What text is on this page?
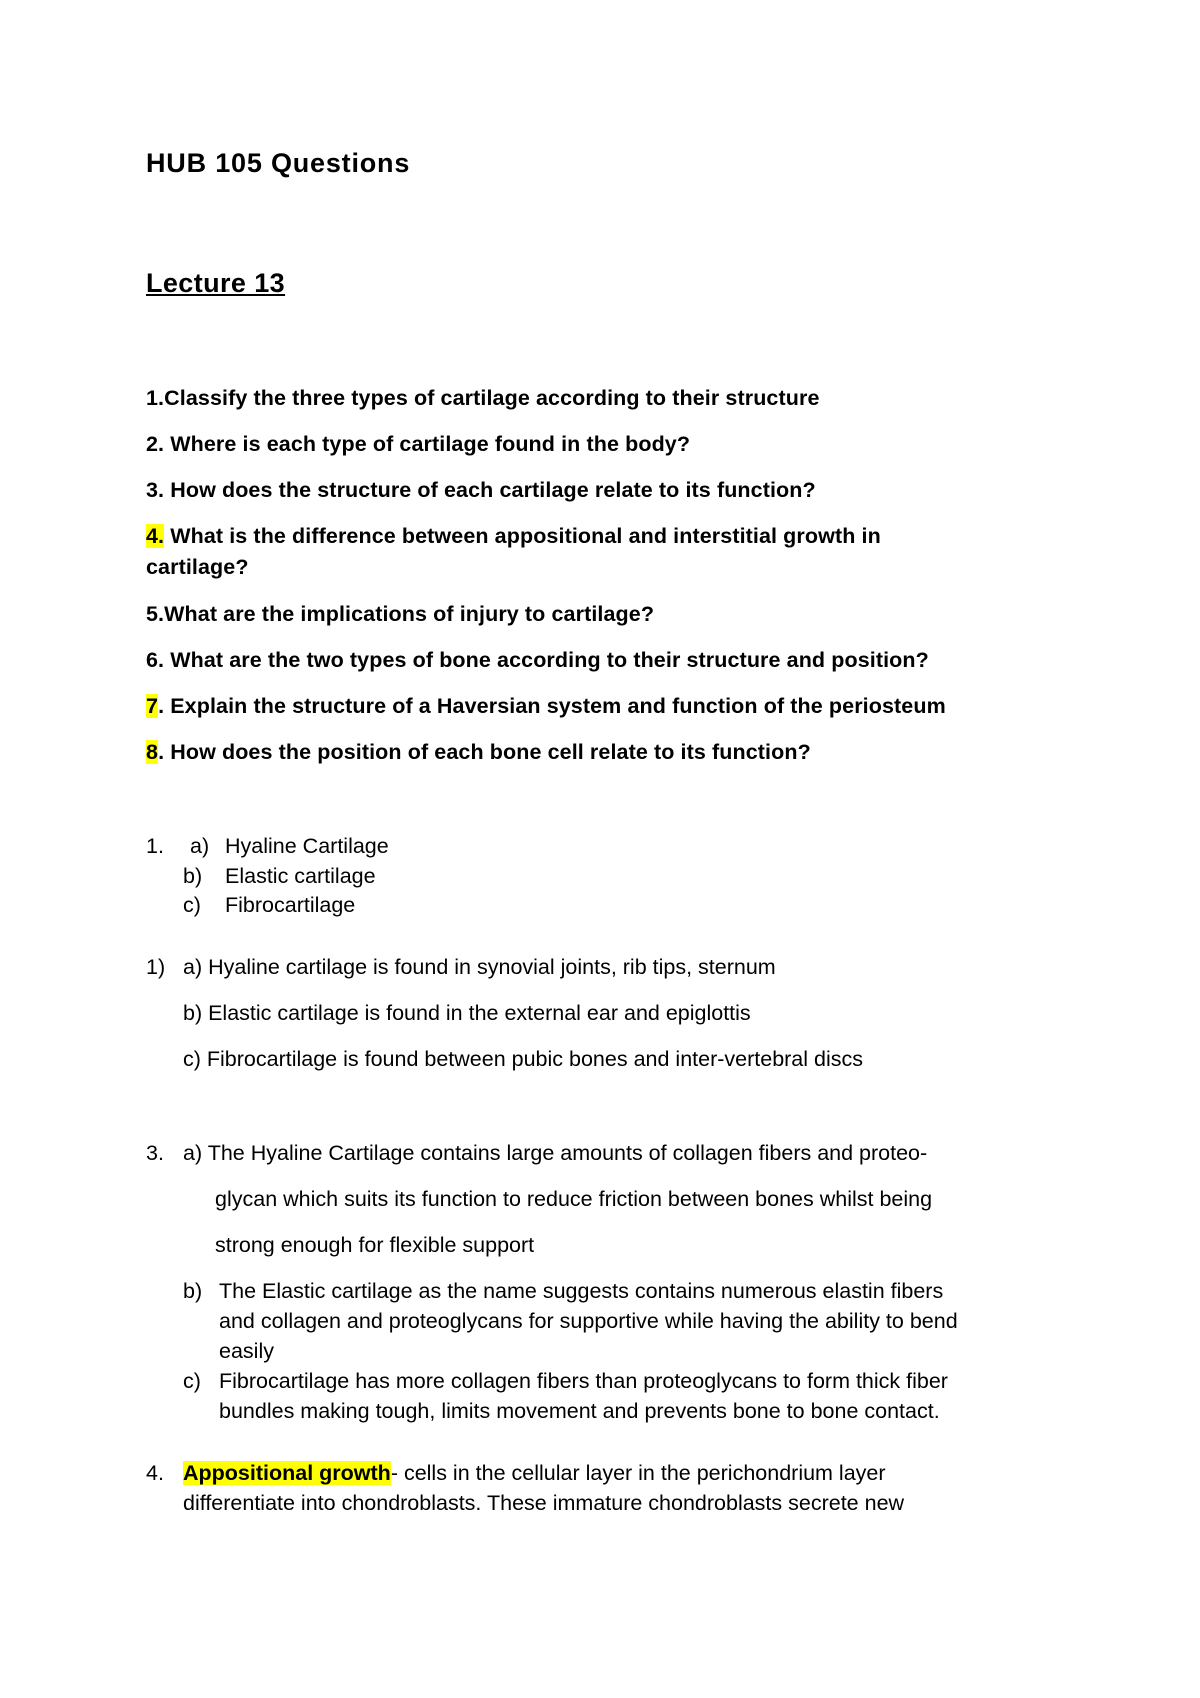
HUB 105 Questions
Lecture 13
1.Classify the three types of cartilage according to their structure
2. Where is each type of cartilage found in the body?
3. How does the structure of each cartilage relate to its function?
4. What is the difference between appositional and interstitial growth in
cartilage?
5.What are the implications of injury to cartilage?
6. What are the two types of bone according to their structure and position?
7. Explain the structure of a Haversian system and function of the periosteum
8. How does the position of each bone cell relate to its function?
1. a) Hyaline Cartilage
b) Elastic cartilage
c) Fibrocartilage
1) a) Hyaline cartilage is found in synovial joints, rib tips, sternum
b) Elastic cartilage is found in the external ear and epiglottis
c) Fibrocartilage is found between pubic bones and inter-vertebral discs
3. a) The Hyaline Cartilage contains large amounts of collagen fibers and proteo-
glycan which suits its function to reduce friction between bones whilst being
strong enough for flexible support
b) The Elastic cartilage as the name suggests contains numerous elastin fibers
and collagen and proteoglycans for supportive while having the ability to bend
easily
c) Fibrocartilage has more collagen fibers than proteoglycans to form thick fiber
bundles making tough, limits movement and prevents bone to bone contact.
4. Appositional growth- cells in the cellular layer in the perichondrium layer
differentiate into chondroblasts. These immature chondroblasts secrete new
